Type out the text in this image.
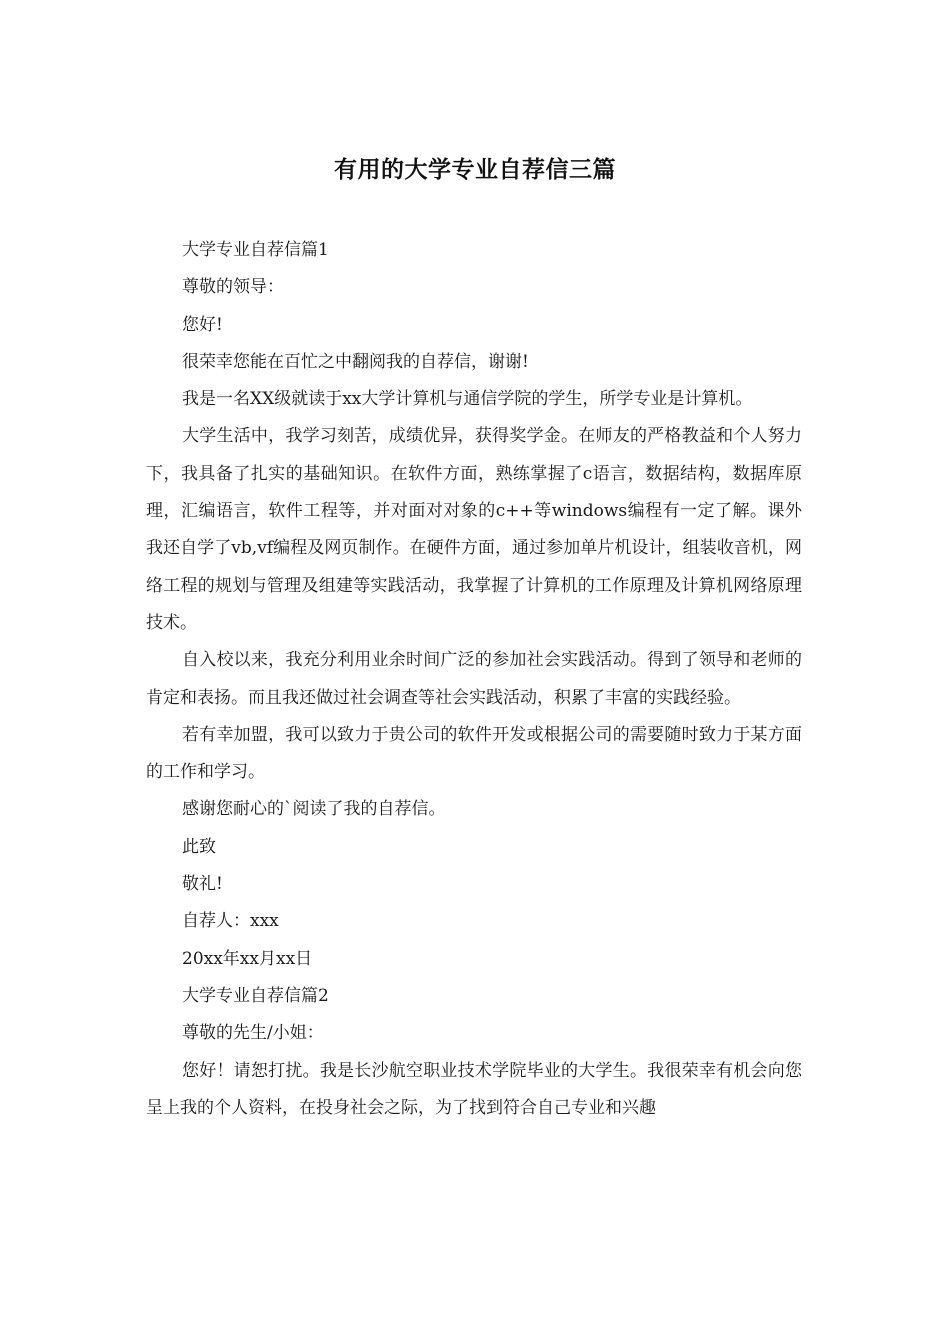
有用的大学专业自荐信三篇

大学专业自荐信篇1

尊敬的领导：

您好!

很荣幸您能在百忙之中翻阅我的自荐信，谢谢!

我是一名XX级就读于xx大学计算机与通信学院的学生，所学专业是计算机。

大学生活中，我学习刻苦，成绩优异，获得奖学金。在师友的严格教益和个人努力下，我具备了扎实的基础知识。在软件方面，熟练掌握了c语言，数据结构，数据库原理，汇编语言，软件工程等，并对面对对象的c++等windows编程有一定了解。课外我还自学了vb,vf编程及网页制作。在硬件方面，通过参加单片机设计，组装收音机，网络工程的规划与管理及组建等实践活动，我掌握了计算机的工作原理及计算机网络原理技术。

自入校以来，我充分利用业余时间广泛的参加社会实践活动。得到了领导和老师的肯定和表扬。而且我还做过社会调查等社会实践活动，积累了丰富的实践经验。

若有幸加盟，我可以致力于贵公司的软件开发或根据公司的需要随时致力于某方面的工作和学习。

感谢您耐心的`阅读了我的自荐信。

此致

敬礼!

自荐人：xxx

20xx年xx月xx日

大学专业自荐信篇2

尊敬的先生/小姐：

您好！请恕打扰。我是长沙航空职业技术学院毕业的大学生。我很荣幸有机会向您呈上我的个人资料，在投身社会之际，为了找到符合自己专业和兴趣
